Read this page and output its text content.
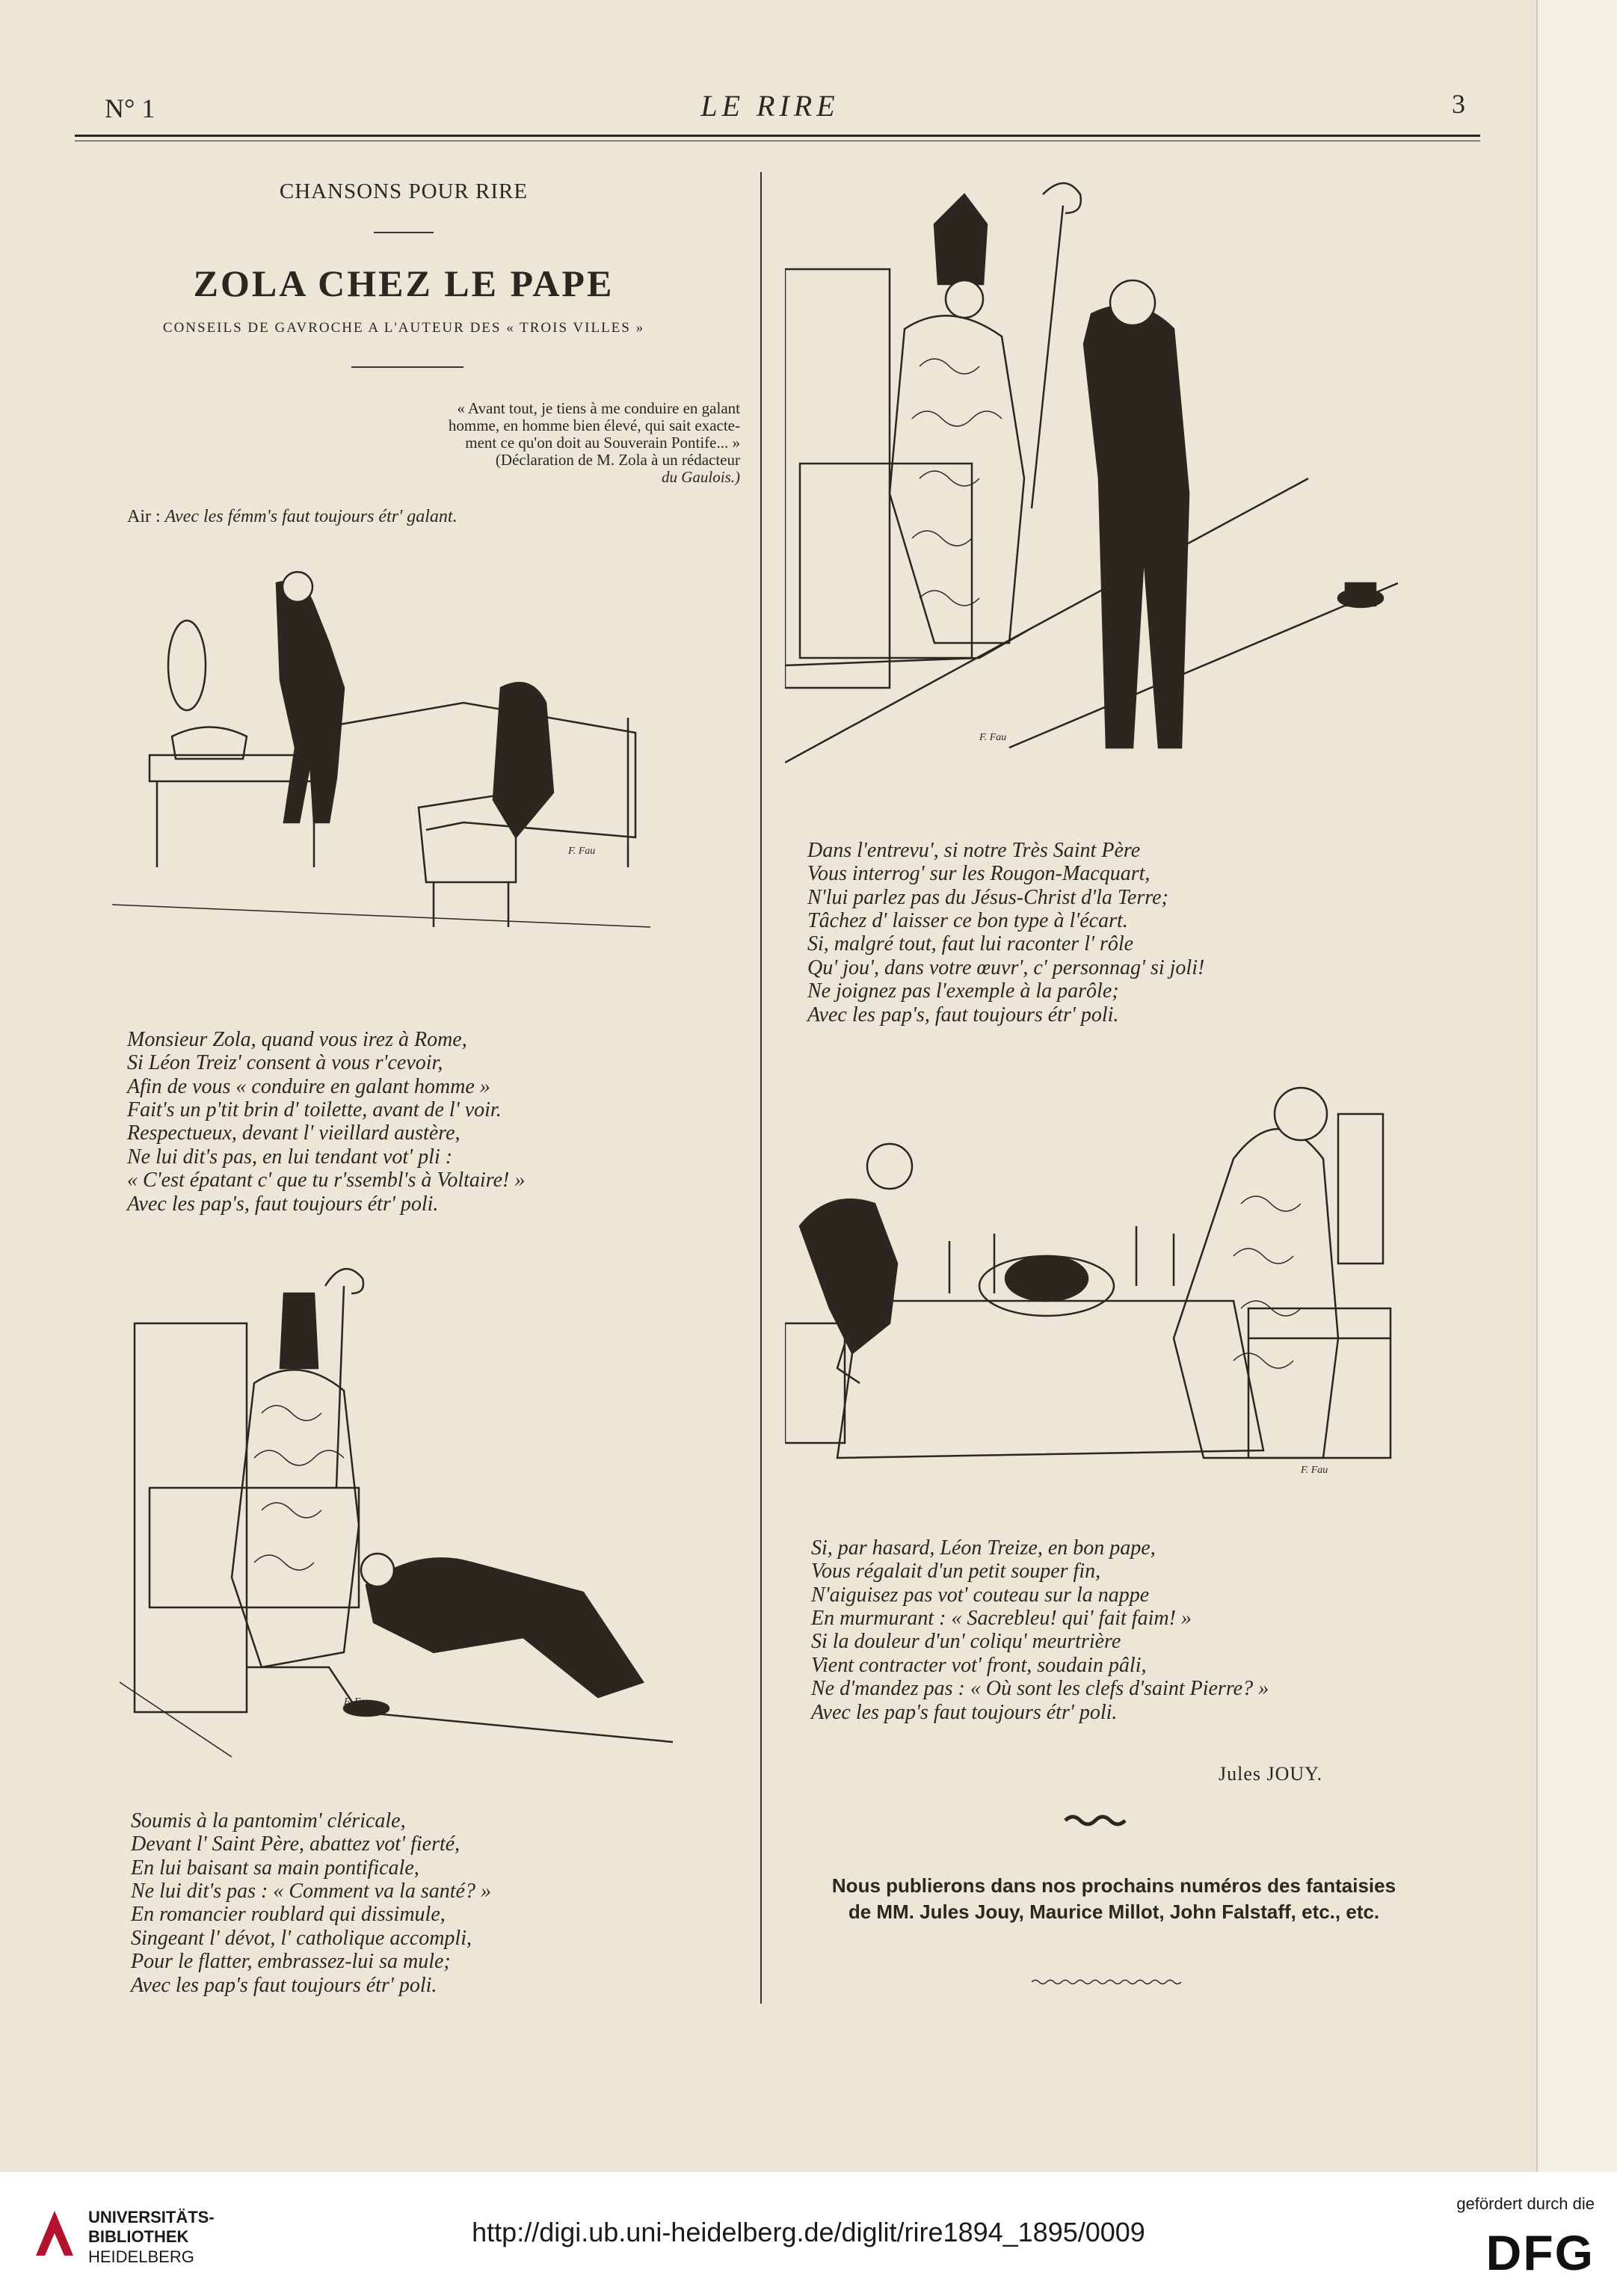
N° 1	LE RIRE	3
CHANSONS POUR RIRE
ZOLA CHEZ LE PAPE
CONSEILS DE GAVROCHE A L'AUTEUR DES « TROIS VILLES »
« Avant tout, je tiens à me conduire en galant
homme, en homme bien élevé, qui sait exacte-
ment ce qu'on doit au Souverain Pontife... »
(Déclaration de M. Zola à un rédacteur
du Gaulois.)
Air : Avec les fémm's faut toujours étr' galant.
F. Fau
Monsieur Zola, quand vous irez à Rome,
Si Léon Treiz' consent à vous r'cevoir,
Afin de vous « conduire en galant homme »
Fait's un p'tit brin d' toilette, avant de l' voir.
Respectueux, devant l' vieillard austère,
Ne lui dit's pas, en lui tendant vot' pli :
« C'est épatant c' que tu r'ssembl's à Voltaire! »
Avec les pap's, faut toujours étr' poli.
F. Fau
Soumis à la pantomim' cléricale,
Devant l' Saint Père, abattez vot' fierté,
En lui baisant sa main pontificale,
Ne lui dit's pas : « Comment va la santé? »
En romancier roublard qui dissimule,
Singeant l' dévot, l' catholique accompli,
Pour le flatter, embrassez-lui sa mule;
Avec les pap's faut toujours étr' poli.
F. Fau
Dans l'entrevu', si notre Très Saint Père
Vous interrog' sur les Rougon-Macquart,
N'lui parlez pas du Jésus-Christ d'la Terre;
Tâchez d' laisser ce bon type à l'écart.
Si, malgré tout, faut lui raconter l' rôle
Qu' jou', dans votre œuvr', c' personnag' si joli!
Ne joignez pas l'exemple à la parôle;
Avec les pap's, faut toujours étr' poli.
F. Fau
Si, par hasard, Léon Treize, en bon pape,
Vous régalait d'un petit souper fin,
N'aiguisez pas vot' couteau sur la nappe
En murmurant : « Sacrebleu! qui' fait faim! »
Si la douleur d'un' coliqu' meurtrière
Vient contracter vot' front, soudain pâli,
Ne d'mandez pas : « Où sont les clefs d'saint Pierre? »
Avec les pap's faut toujours étr' poli.
Jules JOUY.
Nous publierons dans nos prochains numéros des fantaisies
de MM. Jules Jouy, Maurice Millot, John Falstaff, etc., etc.
UNIVERSITÄTS-
BIBLIOTHEK
HEIDELBERG
http://digi.ub.uni-heidelberg.de/diglit/rire1894_1895/0009
gefördert durch die
DFG
